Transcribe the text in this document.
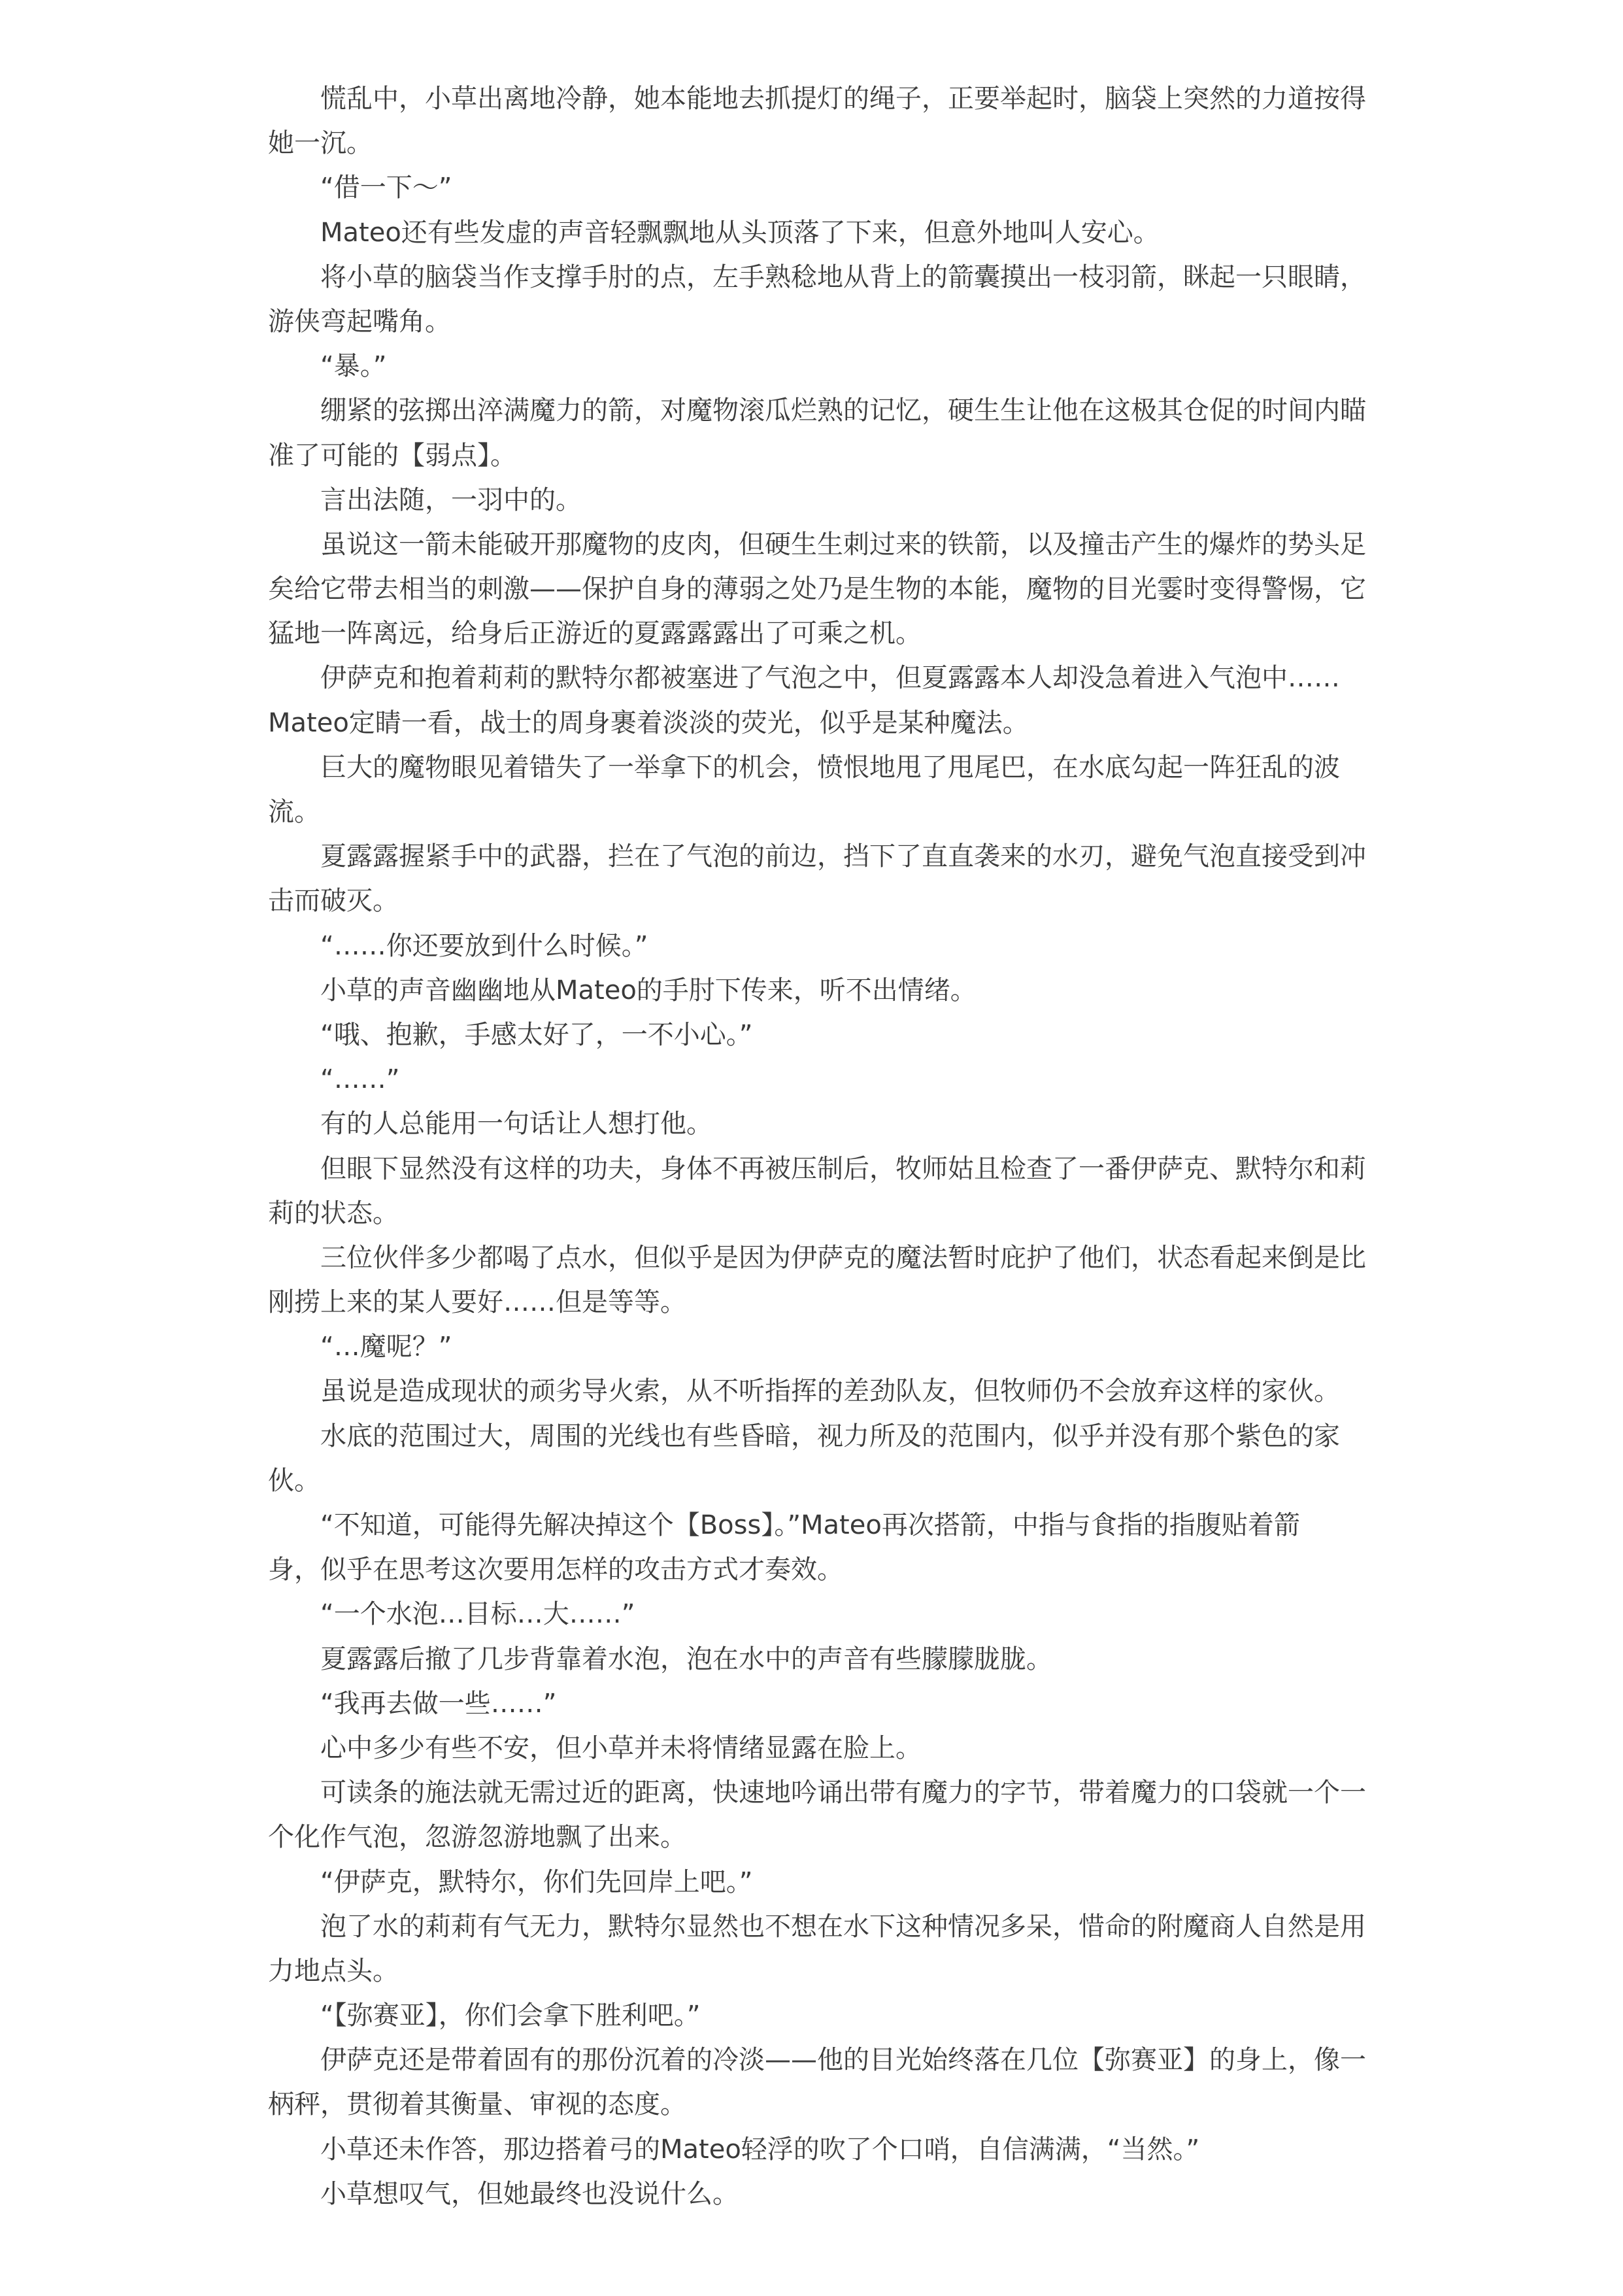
慌乱中，小草出离地冷静，她本能地去抓提灯的绳子，正要举起时，脑袋上突然的力道按得
她一沉。
“借一下～”
Mateo还有些发虚的声音轻飘飘地从头顶落了下来，但意外地叫人安心。
将小草的脑袋当作支撑手肘的点，左手熟稔地从背上的箭囊摸出一枝羽箭，眯起一只眼睛，
游侠弯起嘴角。
“暴。”
绷紧的弦掷出淬满魔力的箭，对魔物滚瓜烂熟的记忆，硬生生让他在这极其仓促的时间内瞄
准了可能的【弱点】。
言出法随，一羽中的。
虽说这一箭未能破开那魔物的皮肉，但硬生生刺过来的铁箭，以及撞击产生的爆炸的势头足
矣给它带去相当的刺激——保护自身的薄弱之处乃是生物的本能，魔物的目光霎时变得警惕，它
猛地一阵离远，给身后正游近的夏露露露出了可乘之机。
伊萨克和抱着莉莉的默特尔都被塞进了气泡之中，但夏露露本人却没急着进入气泡中……
Mateo定睛一看，战士的周身裹着淡淡的荧光，似乎是某种魔法。
巨大的魔物眼见着错失了一举拿下的机会，愤恨地甩了甩尾巴，在水底勾起一阵狂乱的波
流。
夏露露握紧手中的武器，拦在了气泡的前边，挡下了直直袭来的水刃，避免气泡直接受到冲
击而破灭。
“……你还要放到什么时候。”
小草的声音幽幽地从Mateo的手肘下传来，听不出情绪。
“哦、抱歉，手感太好了，一不小心。”
“……”
有的人总能用一句话让人想打他。
但眼下显然没有这样的功夫，身体不再被压制后，牧师姑且检查了一番伊萨克、默特尔和莉
莉的状态。
三位伙伴多少都喝了点水，但似乎是因为伊萨克的魔法暂时庇护了他们，状态看起来倒是比
刚捞上来的某人要好……但是等等。
“…魔呢？”
虽说是造成现状的顽劣导火索，从不听指挥的差劲队友，但牧师仍不会放弃这样的家伙。
水底的范围过大，周围的光线也有些昏暗，视力所及的范围内，似乎并没有那个紫色的家
伙。
“不知道，可能得先解决掉这个【Boss】。”Mateo再次搭箭，中指与食指的指腹贴着箭
身，似乎在思考这次要用怎样的攻击方式才奏效。
“一个水泡…目标…大……”
夏露露后撤了几步背靠着水泡，泡在水中的声音有些朦朦胧胧。
“我再去做一些……”
心中多少有些不安，但小草并未将情绪显露在脸上。
可读条的施法就无需过近的距离，快速地吟诵出带有魔力的字节，带着魔力的口袋就一个一
个化作气泡，忽游忽游地飘了出来。
“伊萨克，默特尔，你们先回岸上吧。”
泡了水的莉莉有气无力，默特尔显然也不想在水下这种情况多呆，惜命的附魔商人自然是用
力地点头。
“【弥赛亚】，你们会拿下胜利吧。”
伊萨克还是带着固有的那份沉着的冷淡——他的目光始终落在几位【弥赛亚】的身上，像一
柄秤，贯彻着其衡量、审视的态度。
小草还未作答，那边搭着弓的Mateo轻浮的吹了个口哨，自信满满，“当然。”
小草想叹气，但她最终也没说什么。
